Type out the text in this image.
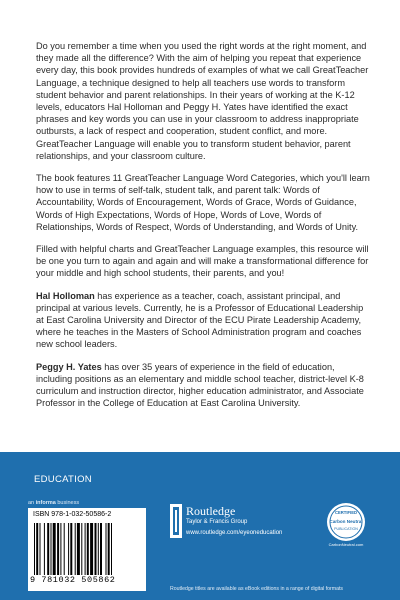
Do you remember a time when you used the right words at the right moment, and they made all the difference? With the aim of helping you repeat that experience every day, this book provides hundreds of examples of what we call GreatTeacher Language, a technique designed to help all teachers use words to transform student behavior and parent relationships. In their years of working at the K-12 levels, educators Hal Holloman and Peggy H. Yates have identified the exact phrases and key words you can use in your classroom to address inappropriate outbursts, a lack of respect and cooperation, student conflict, and more. GreatTeacher Language will enable you to transform student behavior, parent relationships, and your classroom culture.

The book features 11 GreatTeacher Language Word Categories, which you'll learn how to use in terms of self-talk, student talk, and parent talk: Words of Accountability, Words of Encouragement, Words of Grace, Words of Guidance, Words of High Expectations, Words of Hope, Words of Love, Words of Relationships, Words of Respect, Words of Understanding, and Words of Unity.

Filled with helpful charts and GreatTeacher Language examples, this resource will be one you turn to again and again and will make a transformational difference for your middle and high school students, their parents, and you!

Hal Holloman has experience as a teacher, coach, assistant principal, and principal at various levels. Currently, he is a Professor of Educational Leadership at East Carolina University and Director of the ECU Pirate Leadership Academy, where he teaches in the Masters of School Administration program and coaches new school leaders.

Peggy H. Yates has over 35 years of experience in the field of education, including positions as an elementary and middle school teacher, district-level K-8 curriculum and instruction director, higher education administrator, and Associate Professor in the College of Education at East Carolina University.

EDUCATION
an informa business
ISBN 978-1-032-50586-2
9 781032 505862
Routledge
Taylor & Francis Group
www.routledge.com/eyeoneducation
CERTIFIED
Carbon Neutral
PUBLICATION
CarbonNeutral.com
Routledge titles are available as eBook editions in a range of digital formats
